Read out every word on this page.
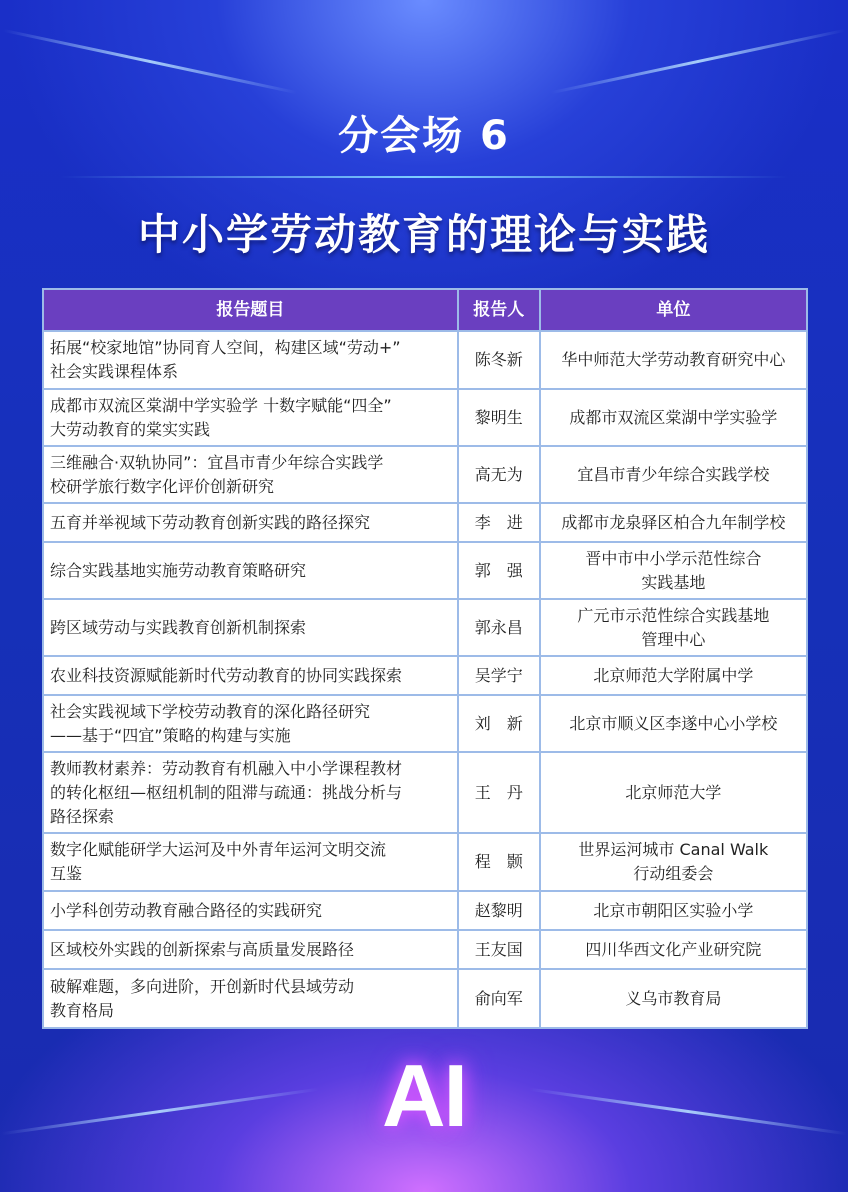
分会场 6
中小学劳动教育的理论与实践
报告题目	报告人	单位
拓展“校家地馆”协同育人空间，构建区域“劳动+”
社会实践课程体系	陈冬新	华中师范大学劳动教育研究中心
成都市双流区棠湖中学实验学 十数字赋能“四全”
大劳动教育的棠实实践	黎明生	成都市双流区棠湖中学实验学
三维融合·双轨协同”：宜昌市青少年综合实践学
校研学旅行数字化评价创新研究	高无为	宜昌市青少年综合实践学校
五育并举视域下劳动教育创新实践的路径探究	李　进	成都市龙泉驿区柏合九年制学校
综合实践基地实施劳动教育策略研究	郭　强	晋中市中小学示范性综合
实践基地
跨区域劳动与实践教育创新机制探索	郭永昌	广元市示范性综合实践基地
管理中心
农业科技资源赋能新时代劳动教育的协同实践探索	吴学宁	北京师范大学附属中学
社会实践视域下学校劳动教育的深化路径研究
——基于“四宜”策略的构建与实施	刘　新	北京市顺义区李遂中心小学校
教师教材素养：劳动教育有机融入中小学课程教材
的转化枢纽—枢纽机制的阻滞与疏通：挑战分析与
路径探索	王　丹	北京师范大学
数字化赋能研学大运河及中外青年运河文明交流
互鉴	程　颢	世界运河城市 Canal Walk
行动组委会
小学科创劳动教育融合路径的实践研究	赵黎明	北京市朝阳区实验小学
区域校外实践的创新探索与高质量发展路径	王友国	四川华西文化产业研究院
破解难题，多向进阶，开创新时代县域劳动
教育格局	俞向军	义乌市教育局
AI
